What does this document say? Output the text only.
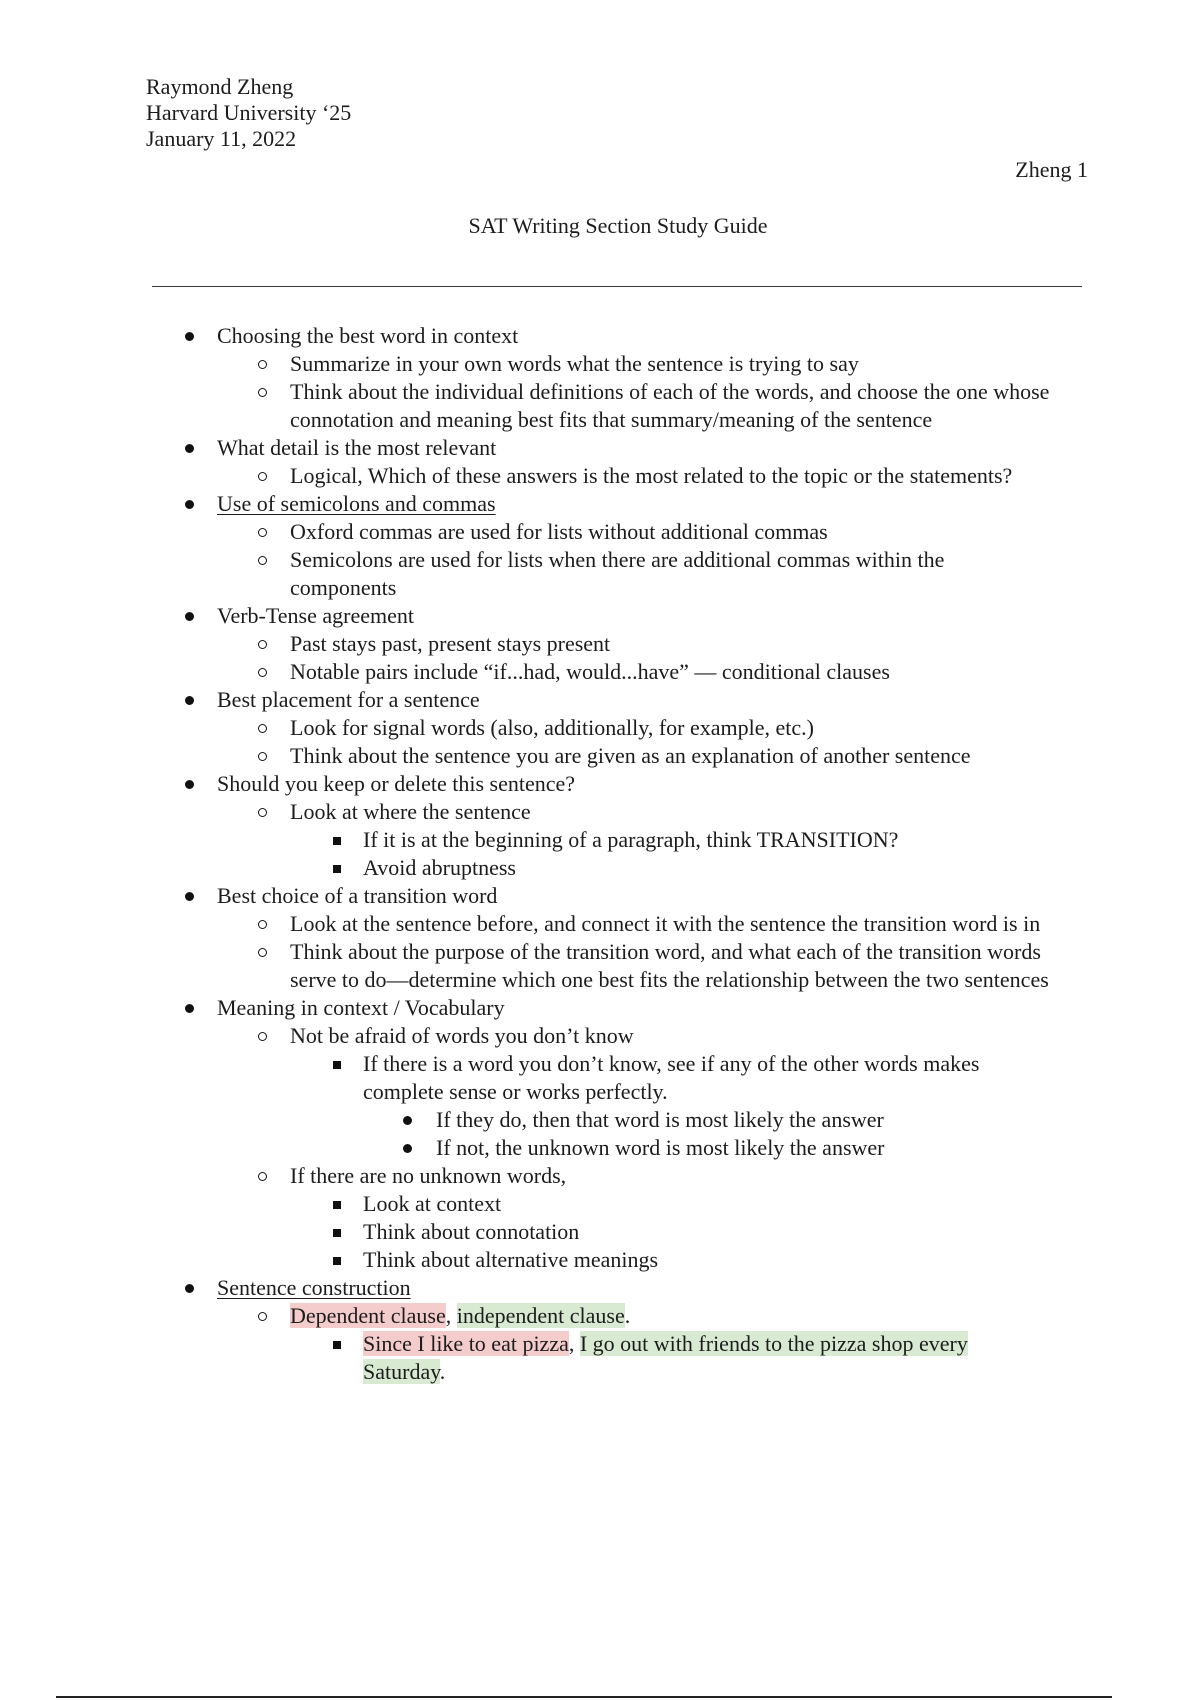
Raymond Zheng
Harvard University ‘25
January 11, 2022
Zheng 1
SAT Writing Section Study Guide
Choosing the best word in context
Summarize in your own words what the sentence is trying to say
Think about the individual definitions of each of the words, and choose the one whose connotation and meaning best fits that summary/meaning of the sentence
What detail is the most relevant
Logical, Which of these answers is the most related to the topic or the statements?
Use of semicolons and commas
Oxford commas are used for lists without additional commas
Semicolons are used for lists when there are additional commas within the components
Verb-Tense agreement
Past stays past, present stays present
Notable pairs include “if...had, would...have” — conditional clauses
Best placement for a sentence
Look for signal words (also, additionally, for example, etc.)
Think about the sentence you are given as an explanation of another sentence
Should you keep or delete this sentence?
Look at where the sentence
If it is at the beginning of a paragraph, think TRANSITION?
Avoid abruptness
Best choice of a transition word
Look at the sentence before, and connect it with the sentence the transition word is in
Think about the purpose of the transition word, and what each of the transition words serve to do—determine which one best fits the relationship between the two sentences
Meaning in context / Vocabulary
Not be afraid of words you don’t know
If there is a word you don’t know, see if any of the other words makes complete sense or works perfectly.
If they do, then that word is most likely the answer
If not, the unknown word is most likely the answer
If there are no unknown words,
Look at context
Think about connotation
Think about alternative meanings
Sentence construction
Dependent clause, independent clause.
Since I like to eat pizza, I go out with friends to the pizza shop every Saturday.
